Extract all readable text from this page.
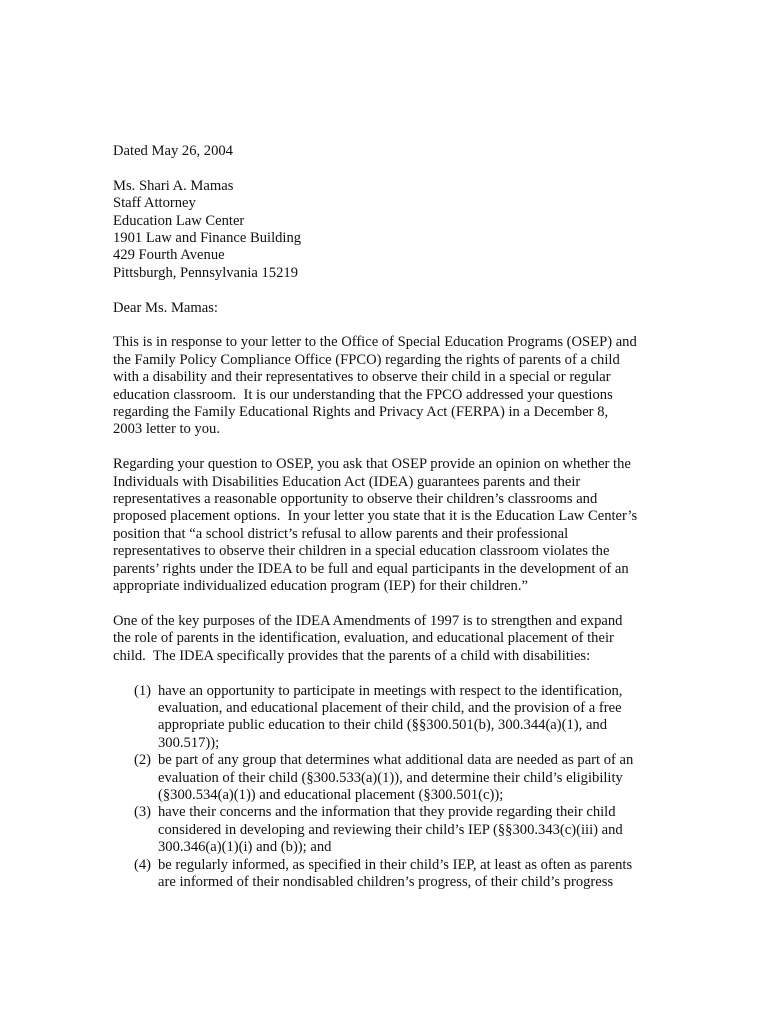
Dated May 26, 2004
Ms. Shari A. Mamas
Staff Attorney
Education Law Center
1901 Law and Finance Building
429 Fourth Avenue
Pittsburgh, Pennsylvania 15219
Dear Ms. Mamas:
This is in response to your letter to the Office of Special Education Programs (OSEP) and
the Family Policy Compliance Office (FPCO) regarding the rights of parents of a child
with a disability and their representatives to observe their child in a special or regular
education classroom.  It is our understanding that the FPCO addressed your questions
regarding the Family Educational Rights and Privacy Act (FERPA) in a December 8,
2003 letter to you.
Regarding your question to OSEP, you ask that OSEP provide an opinion on whether the
Individuals with Disabilities Education Act (IDEA) guarantees parents and their
representatives a reasonable opportunity to observe their children’s classrooms and
proposed placement options.  In your letter you state that it is the Education Law Center’s
position that “a school district’s refusal to allow parents and their professional
representatives to observe their children in a special education classroom violates the
parents’ rights under the IDEA to be full and equal participants in the development of an
appropriate individualized education program (IEP) for their children.”
One of the key purposes of the IDEA Amendments of 1997 is to strengthen and expand
the role of parents in the identification, evaluation, and educational placement of their
child.  The IDEA specifically provides that the parents of a child with disabilities:
(1) have an opportunity to participate in meetings with respect to the identification,
evaluation, and educational placement of their child, and the provision of a free
appropriate public education to their child (§§300.501(b), 300.344(a)(1), and
300.517));
(2) be part of any group that determines what additional data are needed as part of an
evaluation of their child (§300.533(a)(1)), and determine their child’s eligibility
(§300.534(a)(1)) and educational placement (§300.501(c));
(3) have their concerns and the information that they provide regarding their child
considered in developing and reviewing their child’s IEP (§§300.343(c)(iii) and
300.346(a)(1)(i) and (b)); and
(4) be regularly informed, as specified in their child’s IEP, at least as often as parents
are informed of their nondisabled children’s progress, of their child’s progress
